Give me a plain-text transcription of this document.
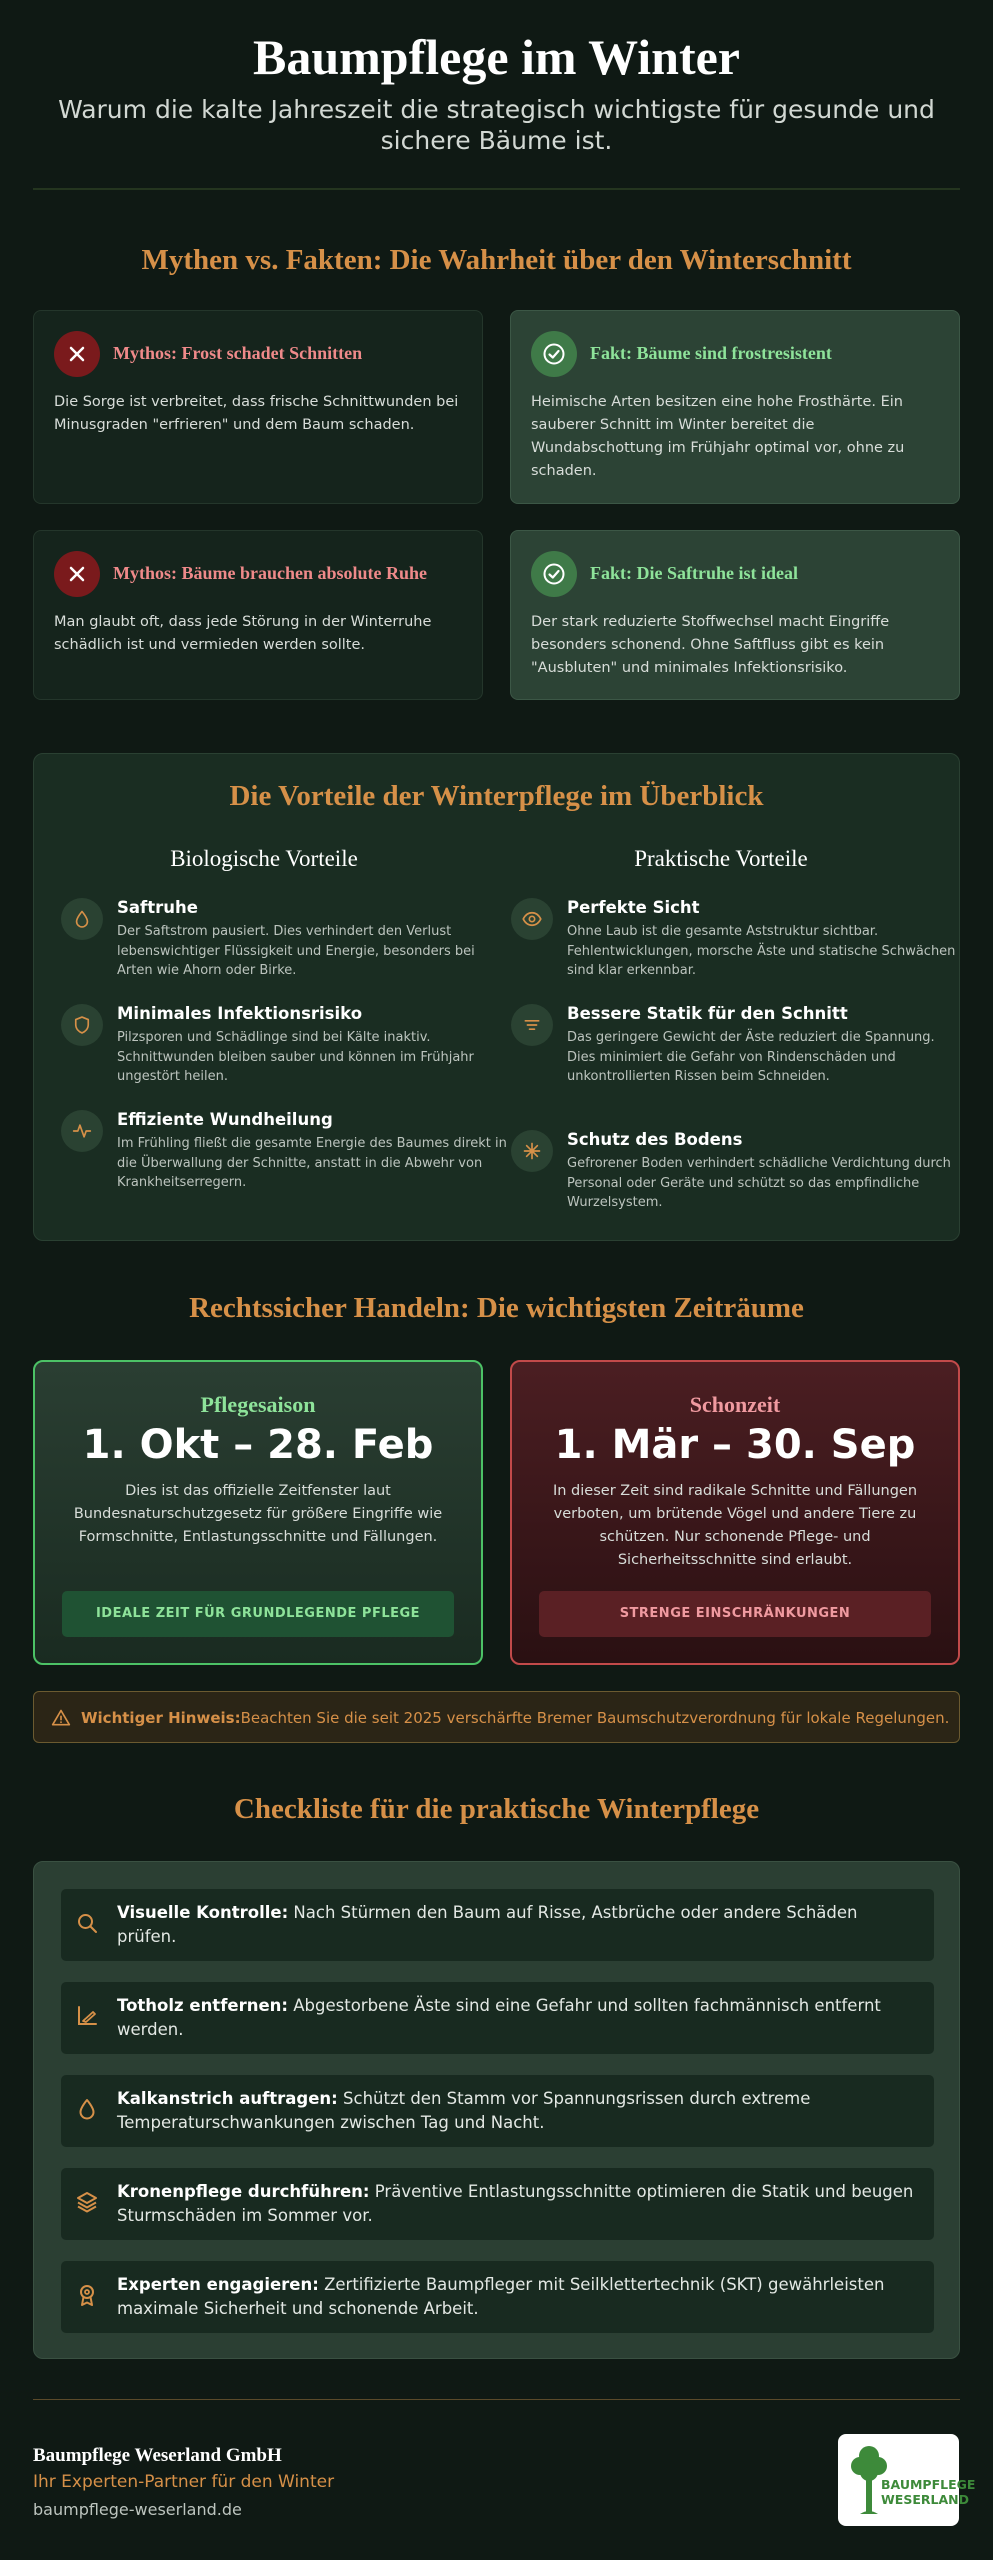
Baumpflege im Winter
Warum die kalte Jahreszeit die strategisch wichtigste für gesunde und sichere Bäume ist.
Mythen vs. Fakten: Die Wahrheit über den Winterschnitt
Mythos: Frost schadet Schnitten
Die Sorge ist verbreitet, dass frische Schnittwunden bei Minusgraden "erfrieren" und dem Baum schaden.
Fakt: Bäume sind frostresistent
Heimische Arten besitzen eine hohe Frosthärte. Ein sauberer Schnitt im Winter bereitet die Wundabschottung im Frühjahr optimal vor, ohne zu schaden.
Mythos: Bäume brauchen absolute Ruhe
Man glaubt oft, dass jede Störung in der Winterruhe schädlich ist und vermieden werden sollte.
Fakt: Die Saftruhe ist ideal
Der stark reduzierte Stoffwechsel macht Eingriffe besonders schonend. Ohne Saftfluss gibt es kein "Ausbluten" und minimales Infektionsrisiko.
Die Vorteile der Winterpflege im Überblick
Biologische Vorteile	Praktische Vorteile
Saftruhe
Der Saftstrom pausiert. Dies verhindert den Verlust lebenswichtiger Flüssigkeit und Energie, besonders bei Arten wie Ahorn oder Birke.
Minimales Infektionsrisiko
Pilzsporen und Schädlinge sind bei Kälte inaktiv. Schnittwunden bleiben sauber und können im Frühjahr ungestört heilen.
Effiziente Wundheilung
Im Frühling fließt die gesamte Energie des Baumes direkt in die Überwallung der Schnitte, anstatt in die Abwehr von Krankheitserregern.
Perfekte Sicht
Ohne Laub ist die gesamte Aststruktur sichtbar. Fehlentwicklungen, morsche Äste und statische Schwächen sind klar erkennbar.
Bessere Statik für den Schnitt
Das geringere Gewicht der Äste reduziert die Spannung. Dies minimiert die Gefahr von Rindenschäden und unkontrollierten Rissen beim Schneiden.
Schutz des Bodens
Gefrorener Boden verhindert schädliche Verdichtung durch Personal oder Geräte und schützt so das empfindliche Wurzelsystem.
Rechtssicher Handeln: Die wichtigsten Zeiträume
Pflegesaison
1. Okt – 28. Feb
Dies ist das offizielle Zeitfenster laut Bundesnaturschutzgesetz für größere Eingriffe wie Formschnitte, Entlastungsschnitte und Fällungen.
IDEALE ZEIT FÜR GRUNDLEGENDE PFLEGE
Schonzeit
1. Mär – 30. Sep
In dieser Zeit sind radikale Schnitte und Fällungen verboten, um brütende Vögel und andere Tiere zu schützen. Nur schonende Pflege- und Sicherheitsschnitte sind erlaubt.
STRENGE EINSCHRÄNKUNGEN
Wichtiger Hinweis:Beachten Sie die seit 2025 verschärfte Bremer Baumschutzverordnung für lokale Regelungen.
Checkliste für die praktische Winterpflege
Visuelle Kontrolle: Nach Stürmen den Baum auf Risse, Astbrüche oder andere Schäden prüfen.
Totholz entfernen: Abgestorbene Äste sind eine Gefahr und sollten fachmännisch entfernt werden.
Kalkanstrich auftragen: Schützt den Stamm vor Spannungsrissen durch extreme Temperaturschwankungen zwischen Tag und Nacht.
Kronenpflege durchführen: Präventive Entlastungsschnitte optimieren die Statik und beugen Sturmschäden im Sommer vor.
Experten engagieren: Zertifizierte Baumpfleger mit Seilklettertechnik (SKT) gewährleisten maximale Sicherheit und schonende Arbeit.
Baumpflege Weserland GmbH
Ihr Experten-Partner für den Winter
baumpflege-weserland.de
BAUMPFLEGE
WESERLAND
